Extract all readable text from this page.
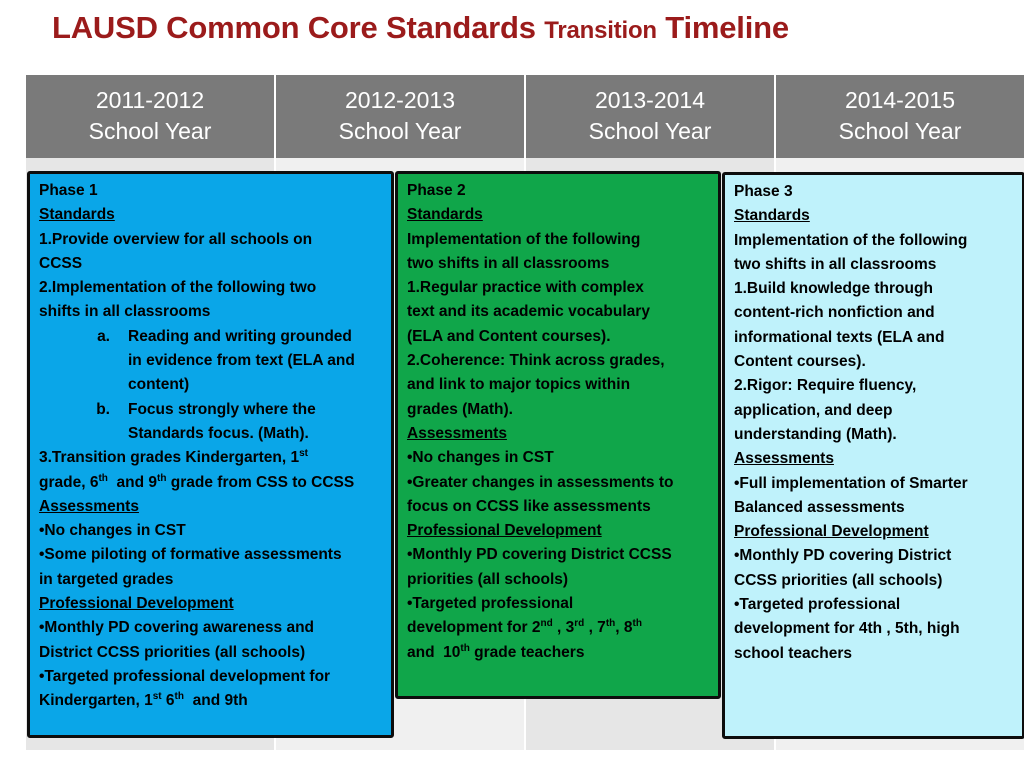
LAUSD Common Core Standards Transition Timeline
2011-2012
School Year
2012-2013
School Year
2013-2014
School Year
2014-2015
School Year
Phase 1
Standards
1.Provide overview for all schools on
CCSS
2.Implementation of the following two
shifts in all classrooms
a.	Reading and writing grounded
in evidence from text (ELA and
content)
b.	Focus strongly where the
Standards focus. (Math).
3.Transition grades Kindergarten, 1st
grade, 6th  and 9th grade from CSS to CCSS
Assessments
•No changes in CST
•Some piloting of formative assessments
in targeted grades
Professional Development
•Monthly PD covering awareness and
District CCSS priorities (all schools)
•Targeted professional development for
Kindergarten, 1st 6th  and 9th
Phase 2
Standards
Implementation of the following
two shifts in all classrooms
1.Regular practice with complex
text and its academic vocabulary
(ELA and Content courses).
2.Coherence: Think across grades,
and link to major topics within
grades (Math).
Assessments
•No changes in CST
•Greater changes in assessments to
focus on CCSS like assessments
Professional Development
•Monthly PD covering District CCSS
priorities (all schools)
•Targeted professional
development for 2nd , 3rd , 7th, 8th
and  10th grade teachers
Phase 3
Standards
Implementation of the following
two shifts in all classrooms
1.Build knowledge through
content-rich nonfiction and
informational texts (ELA and
Content courses).
2.Rigor: Require fluency,
application, and deep
understanding (Math).
Assessments
•Full implementation of Smarter
Balanced assessments
Professional Development
•Monthly PD covering District
CCSS priorities (all schools)
•Targeted professional
development for 4th , 5th, high
school teachers
